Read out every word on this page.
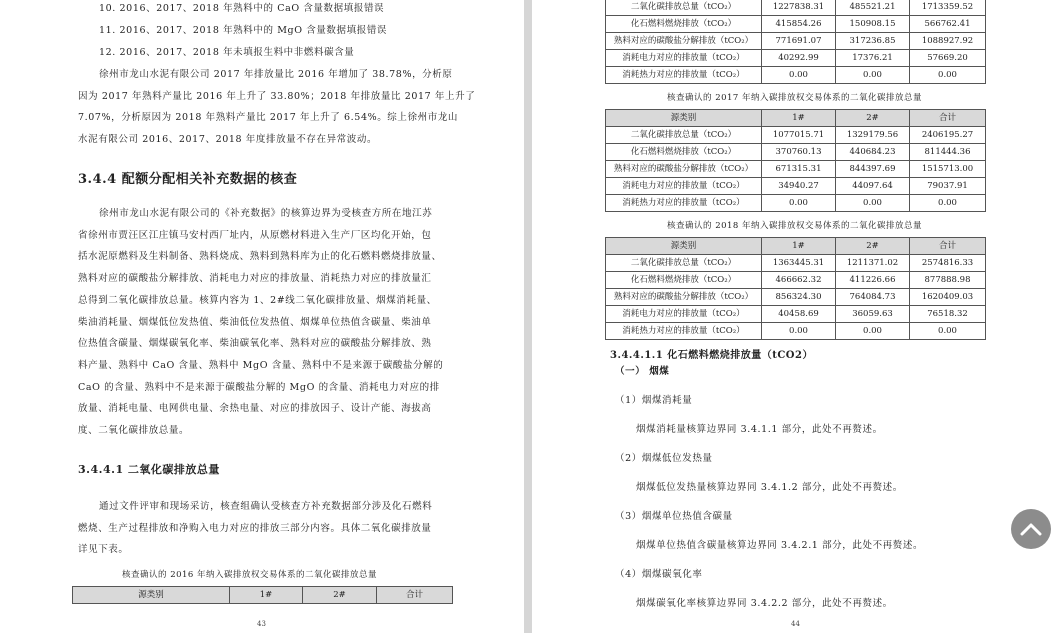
10. 2016、2017、2018 年熟料中的 CaO 含量数据填报错误
11. 2016、2017、2018 年熟料中的 MgO 含量数据填报错误
12. 2016、2017、2018 年未填报生料中非燃料碳含量
徐州市龙山水泥有限公司 2017 年排放量比 2016 年增加了 38.78%，分析原
因为 2017 年熟料产量比 2016 年上升了 33.80%；2018 年排放量比 2017 年上升了
7.07%，分析原因为 2018 年熟料产量比 2017 年上升了 6.54%。综上徐州市龙山
水泥有限公司 2016、2017、2018 年度排放量不存在异常波动。
3.4.4 配额分配相关补充数据的核查
徐州市龙山水泥有限公司的《补充数据》的核算边界为受核查方所在地江苏
省徐州市贾汪区江庄镇马安村西厂址内，从原燃材料进入生产厂区均化开始，包
括水泥原燃料及生料制备、熟料烧成、熟料到熟料库为止的化石燃料燃烧排放量、
熟料对应的碳酸盐分解排放、消耗电力对应的排放量、消耗热力对应的排放量汇
总得到二氧化碳排放总量。核算内容为 1、2#线二氧化碳排放量、烟煤消耗量、
柴油消耗量、烟煤低位发热值、柴油低位发热值、烟煤单位热值含碳量、柴油单
位热值含碳量、烟煤碳氧化率、柴油碳氧化率、熟料对应的碳酸盐分解排放、熟
料产量、熟料中 CaO 含量、熟料中 MgO 含量、熟料中不是来源于碳酸盐分解的
CaO 的含量、熟料中不是来源于碳酸盐分解的 MgO 的含量、消耗电力对应的排
放量、消耗电量、电网供电量、余热电量、对应的排放因子、设计产能、海拔高
度、二氧化碳排放总量。
3.4.4.1 二氧化碳排放总量
通过文件评审和现场采访，核查组确认受核查方补充数据部分涉及化石燃料
燃烧、生产过程排放和净购入电力对应的排放三部分内容。具体二氧化碳排放量
详见下表。
核查确认的 2016 年纳入碳排放权交易体系的二氧化碳排放总量
源类别	1#	2#	合计
43
二氧化碳排放总量（tCO₂）	1227838.31	485521.21	1713359.52
化石燃料燃烧排放（tCO₂）	415854.26	150908.15	566762.41
熟料对应的碳酸盐分解排放（tCO₂）	771691.07	317236.85	1088927.92
消耗电力对应的排放量（tCO₂）	40292.99	17376.21	57669.20
消耗热力对应的排放量（tCO₂）	0.00	0.00	0.00
核查确认的 2017 年纳入碳排放权交易体系的二氧化碳排放总量
源类别	1#	2#	合计
二氧化碳排放总量（tCO₂）	1077015.71	1329179.56	2406195.27
化石燃料燃烧排放（tCO₂）	370760.13	440684.23	811444.36
熟料对应的碳酸盐分解排放（tCO₂）	671315.31	844397.69	1515713.00
消耗电力对应的排放量（tCO₂）	34940.27	44097.64	79037.91
消耗热力对应的排放量（tCO₂）	0.00	0.00	0.00
核查确认的 2018 年纳入碳排放权交易体系的二氧化碳排放总量
源类别	1#	2#	合计
二氧化碳排放总量（tCO₂）	1363445.31	1211371.02	2574816.33
化石燃料燃烧排放（tCO₂）	466662.32	411226.66	877888.98
熟料对应的碳酸盐分解排放（tCO₂）	856324.30	764084.73	1620409.03
消耗电力对应的排放量（tCO₂）	40458.69	36059.63	76518.32
消耗热力对应的排放量（tCO₂）	0.00	0.00	0.00
3.4.4.1.1 化石燃料燃烧排放量（tCO2）
（一） 烟煤
（1）烟煤消耗量
烟煤消耗量核算边界同 3.4.1.1 部分，此处不再赘述。
（2）烟煤低位发热量
烟煤低位发热量核算边界同 3.4.1.2 部分，此处不再赘述。
（3）烟煤单位热值含碳量
烟煤单位热值含碳量核算边界同 3.4.2.1 部分，此处不再赘述。
（4）烟煤碳氧化率
烟煤碳氧化率核算边界同 3.4.2.2 部分，此处不再赘述。
44
